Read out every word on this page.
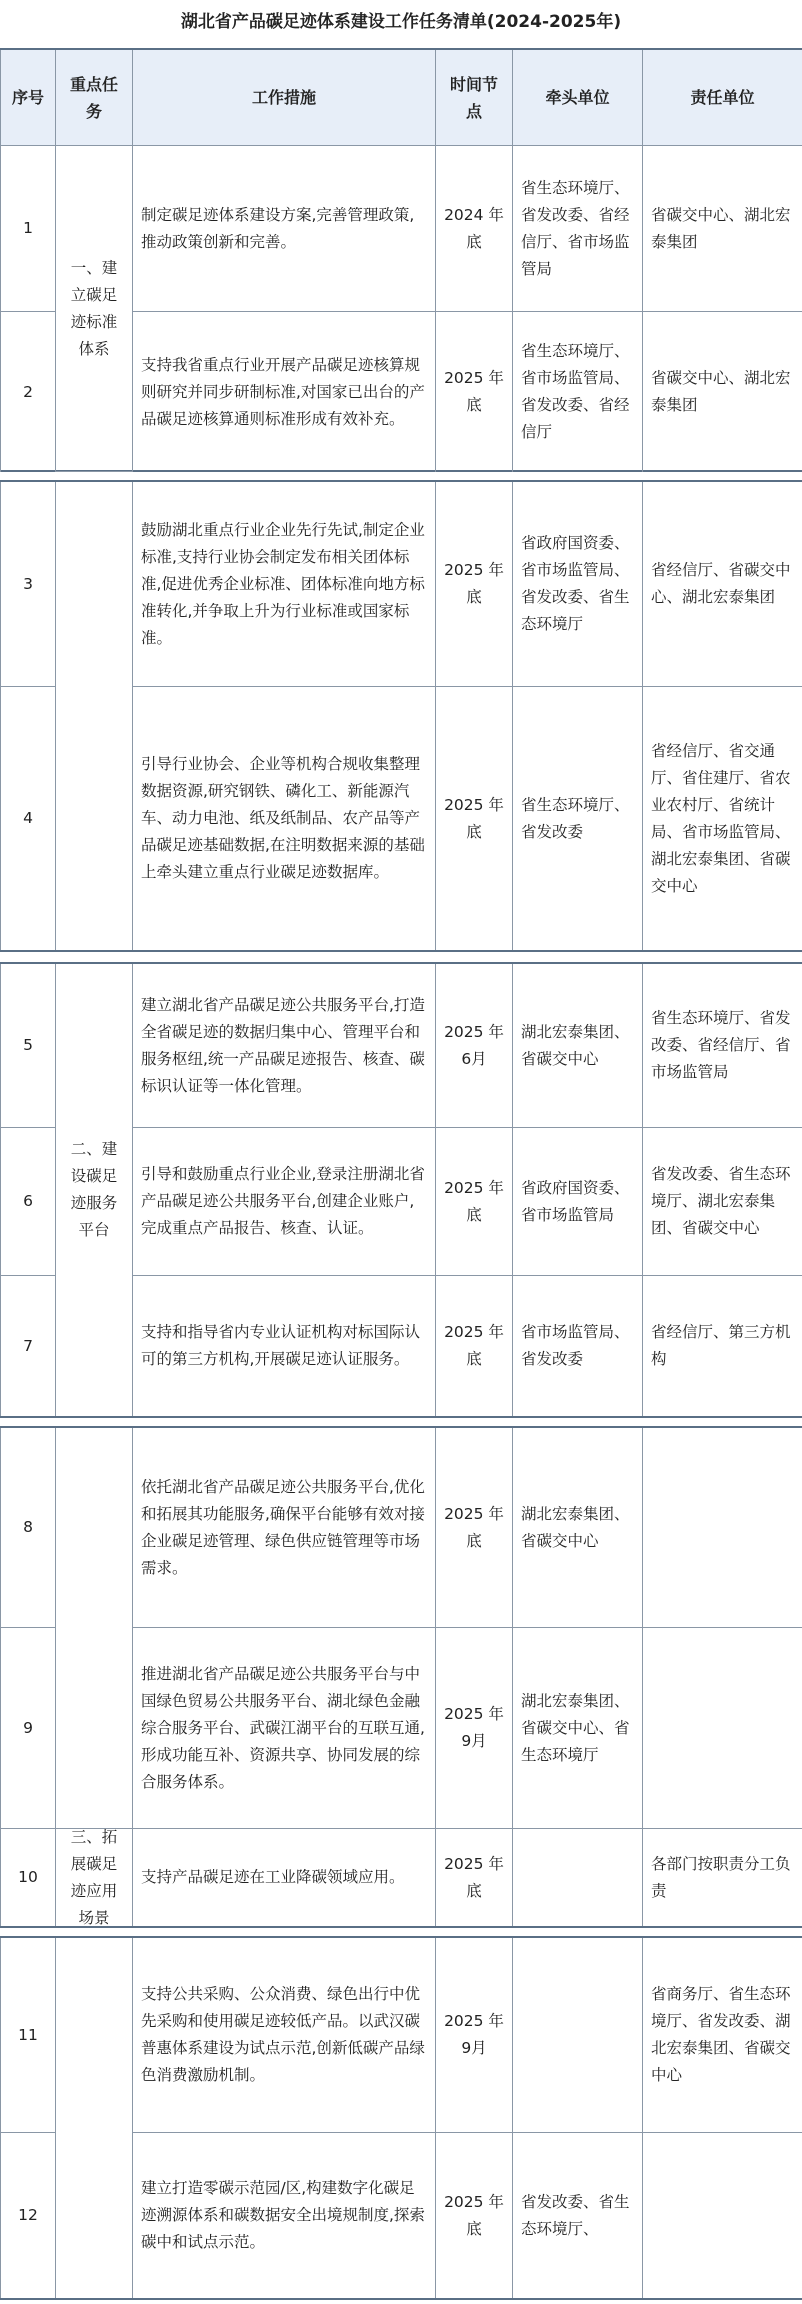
湖北省产品碳足迹体系建设工作任务清单(2024-2025年)
序号
重点任务
工作措施
时间节点
牵头单位	责任单位
1
一、建立碳足迹标准体系
制定碳足迹体系建设方案,完善管理政策,推动政策创新和完善。
2024 年底
省生态环境厅、省发改委、省经信厅、省市场监管局
省碳交中心、湖北宏泰集团
2
支持我省重点行业开展产品碳足迹核算规则研究并同步研制标准,对国家已出台的产品碳足迹核算通则标准形成有效补充。
2025 年底
省生态环境厅、省市场监管局、省发改委、省经信厅
省碳交中心、湖北宏泰集团
3
鼓励湖北重点行业企业先行先试,制定企业标准,支持行业协会制定发布相关团体标准,促进优秀企业标准、团体标准向地方标准转化,并争取上升为行业标准或国家标准。
2025 年底
省政府国资委、省市场监管局、省发改委、省生态环境厅
省经信厅、省碳交中心、湖北宏泰集团
4
引导行业协会、企业等机构合规收集整理数据资源,研究钢铁、磷化工、新能源汽车、动力电池、纸及纸制品、农产品等产品碳足迹基础数据,在注明数据来源的基础上牵头建立重点行业碳足迹数据库。
2025 年底
省生态环境厅、省发改委
省经信厅、省交通厅、省住建厅、省农业农村厅、省统计局、省市场监管局、湖北宏泰集团、省碳交中心
二、建设碳足迹服务平台
5
建立湖北省产品碳足迹公共服务平台,打造全省碳足迹的数据归集中心、管理平台和服务枢纽,统一产品碳足迹报告、核查、碳标识认证等一体化管理。
2025 年 6月
湖北宏泰集团、省碳交中心
省生态环境厅、省发改委、省经信厅、省市场监管局
6
引导和鼓励重点行业企业,登录注册湖北省产品碳足迹公共服务平台,创建企业账户,完成重点产品报告、核查、认证。
2025 年底
省政府国资委、省市场监管局
省发改委、省生态环境厅、湖北宏泰集团、省碳交中心
7
支持和指导省内专业认证机构对标国际认可的第三方机构,开展碳足迹认证服务。
2025 年底
省市场监管局、省发改委
省经信厅、第三方机构
8
依托湖北省产品碳足迹公共服务平台,优化和拓展其功能服务,确保平台能够有效对接企业碳足迹管理、绿色供应链管理等市场需求。
2025 年底
湖北宏泰集团、省碳交中心
9
推进湖北省产品碳足迹公共服务平台与中国绿色贸易公共服务平台、湖北绿色金融综合服务平台、武碳江湖平台的互联互通,形成功能互补、资源共享、协同发展的综合服务体系。
2025 年 9月
湖北宏泰集团、省碳交中心、省生态环境厅
10
三、拓展碳足迹应用场景
支持产品碳足迹在工业降碳领域应用。
2025 年底
各部门按职责分工负责
11
支持公共采购、公众消费、绿色出行中优先采购和使用碳足迹较低产品。以武汉碳普惠体系建设为试点示范,创新低碳产品绿色消费激励机制。
2025 年 9月
省商务厅、省生态环境厅、省发改委、湖北宏泰集团、省碳交中心
12
建立打造零碳示范园/区,构建数字化碳足迹溯源体系和碳数据安全出境规制度,探索碳中和试点示范。
2025 年底
省发改委、省生态环境厅、
